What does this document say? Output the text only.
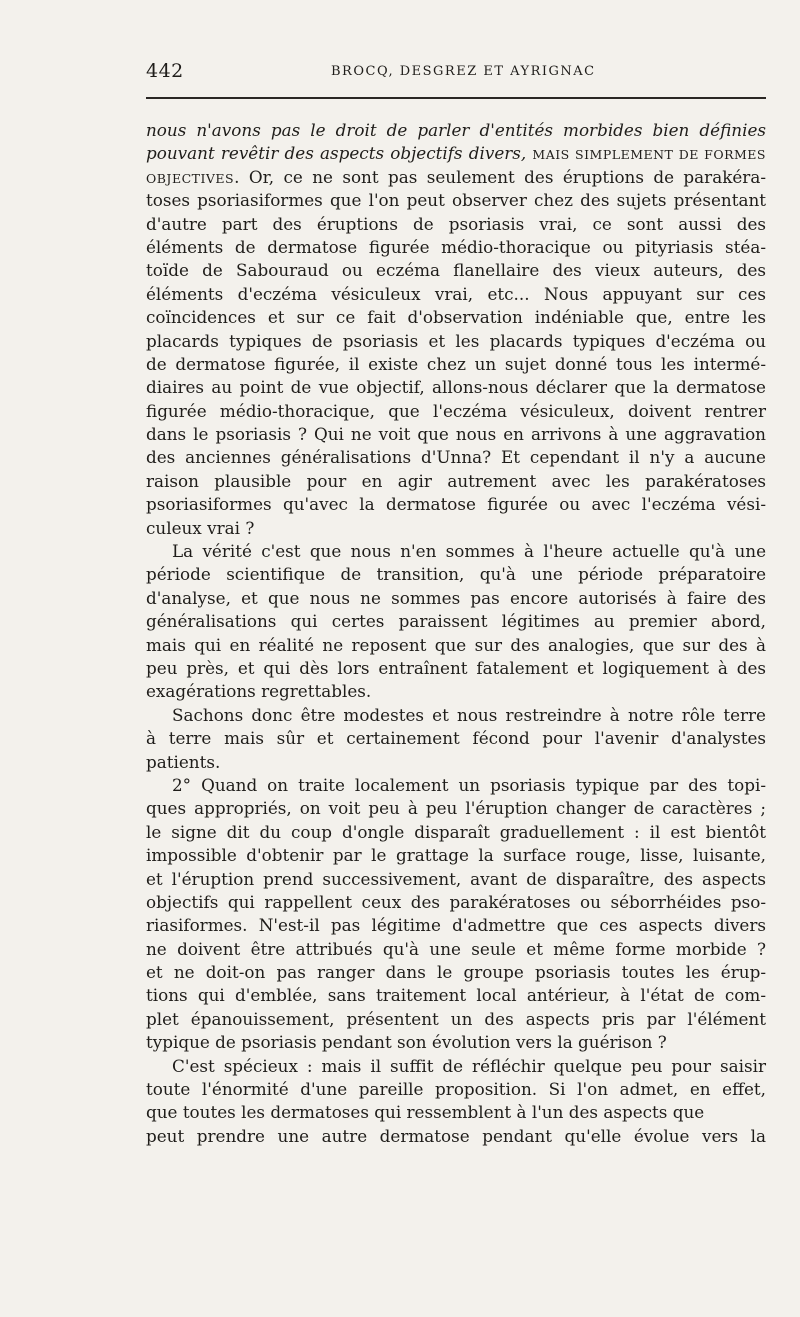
442	BROCQ, DESGREZ ET AYRIGNAC
nous n'avons pas le droit de parler d'entités morbides bien définies
pouvant revêtir des aspects objectifs divers, MAIS SIMPLEMENT DE FORMES
OBJECTIVES. Or, ce ne sont pas seulement des éruptions de parakéra-
toses psoriasiformes que l'on peut observer chez des sujets présentant
d'autre part des éruptions de psoriasis vrai, ce sont aussi des
éléments de dermatose figurée médio-thoracique ou pityriasis stéa-
toïde de Sabouraud ou eczéma flanellaire des vieux auteurs, des
éléments d'eczéma vésiculeux vrai, etc... Nous appuyant sur ces
coïncidences et sur ce fait d'observation indéniable que, entre les
placards typiques de psoriasis et les placards typiques d'eczéma ou
de dermatose figurée, il existe chez un sujet donné tous les intermé-
diaires au point de vue objectif, allons-nous déclarer que la dermatose
figurée médio-thoracique, que l'eczéma vésiculeux, doivent rentrer
dans le psoriasis ? Qui ne voit que nous en arrivons à une aggravation
des anciennes généralisations d'Unna? Et cependant il n'y a aucune
raison plausible pour en agir autrement avec les parakératoses
psoriasiformes qu'avec la dermatose figurée ou avec l'eczéma vési-
culeux vrai ?
La vérité c'est que nous n'en sommes à l'heure actuelle qu'à une
période scientifique de transition, qu'à une période préparatoire
d'analyse, et que nous ne sommes pas encore autorisés à faire des
généralisations qui certes paraissent légitimes au premier abord,
mais qui en réalité ne reposent que sur des analogies, que sur des à
peu près, et qui dès lors entraînent fatalement et logiquement à des
exagérations regrettables.
Sachons donc être modestes et nous restreindre à notre rôle terre
à terre mais sûr et certainement fécond pour l'avenir d'analystes
patients.
2° Quand on traite localement un psoriasis typique par des topi-
ques appropriés, on voit peu à peu l'éruption changer de caractères ;
le signe dit du coup d'ongle disparaît graduellement : il est bientôt
impossible d'obtenir par le grattage la surface rouge, lisse, luisante,
et l'éruption prend successivement, avant de disparaître, des aspects
objectifs qui rappellent ceux des parakératoses ou séborrhéides pso-
riasiformes. N'est-il pas légitime d'admettre que ces aspects divers
ne doivent être attribués qu'à une seule et même forme morbide ?
et ne doit-on pas ranger dans le groupe psoriasis toutes les érup-
tions qui d'emblée, sans traitement local antérieur, à l'état de com-
plet épanouissement, présentent un des aspects pris par l'élément
typique de psoriasis pendant son évolution vers la guérison ?
C'est spécieux : mais il suffit de réfléchir quelque peu pour saisir
toute l'énormité d'une pareille proposition. Si l'on admet, en effet,
que toutes les dermatoses qui ressemblent à l'un des aspects que
peut prendre une autre dermatose pendant qu'elle évolue vers la
